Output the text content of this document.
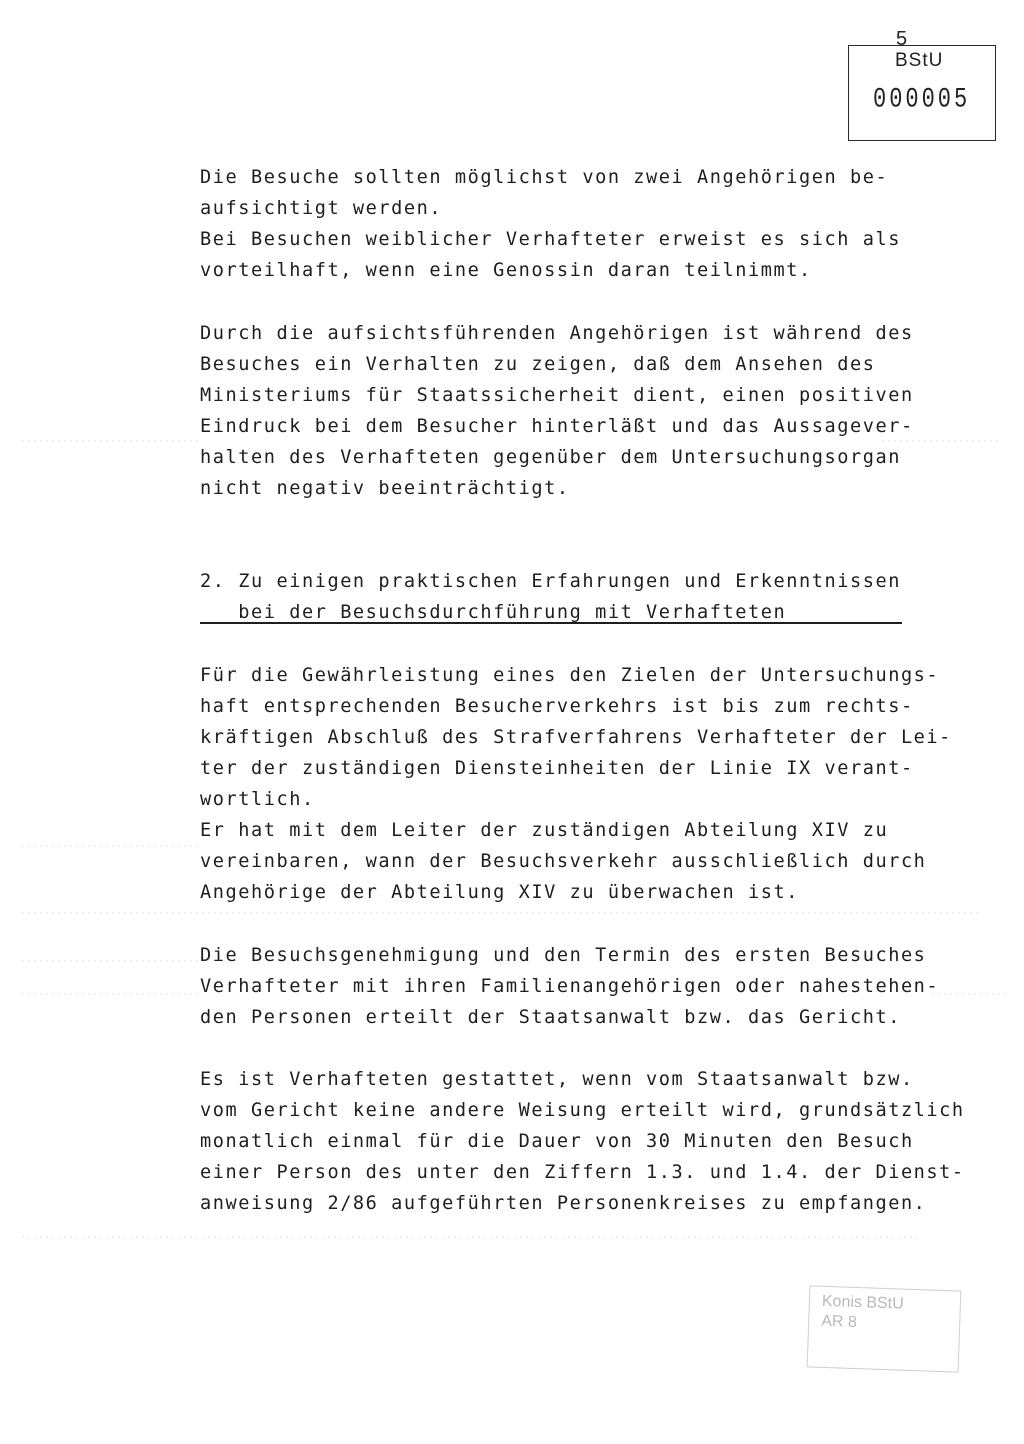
5
BStU
000005
Die Besuche sollten möglichst von zwei Angehörigen be-
aufsichtigt werden.
Bei Besuchen weiblicher Verhafteter erweist es sich als
vorteilhaft, wenn eine Genossin daran teilnimmt.
Durch die aufsichtsführenden Angehörigen ist während des
Besuches ein Verhalten zu zeigen, daß dem Ansehen des
Ministeriums für Staatssicherheit dient, einen positiven
Eindruck bei dem Besucher hinterläßt und das Aussagever-
halten des Verhafteten gegenüber dem Untersuchungsorgan
nicht negativ beeinträchtigt.
2. Zu einigen praktischen Erfahrungen und Erkenntnissen
bei der Besuchsdurchführung mit Verhafteten
Für die Gewährleistung eines den Zielen der Untersuchungs-
haft entsprechenden Besucherverkehrs ist bis zum rechts-
kräftigen Abschluß des Strafverfahrens Verhafteter der Lei-
ter der zuständigen Diensteinheiten der Linie IX verant-
wortlich.
Er hat mit dem Leiter der zuständigen Abteilung XIV zu
vereinbaren, wann der Besuchsverkehr ausschließlich durch
Angehörige der Abteilung XIV zu überwachen ist.
Die Besuchsgenehmigung und den Termin des ersten Besuches
Verhafteter mit ihren Familienangehörigen oder nahestehen-
den Personen erteilt der Staatsanwalt bzw. das Gericht.
Es ist Verhafteten gestattet, wenn vom Staatsanwalt bzw.
vom Gericht keine andere Weisung erteilt wird, grundsätzlich
monatlich einmal für die Dauer von 30 Minuten den Besuch
einer Person des unter den Ziffern 1.3. und 1.4. der Dienst-
anweisung 2/86 aufgeführten Personenkreises zu empfangen.
Konis BStU
AR 8
